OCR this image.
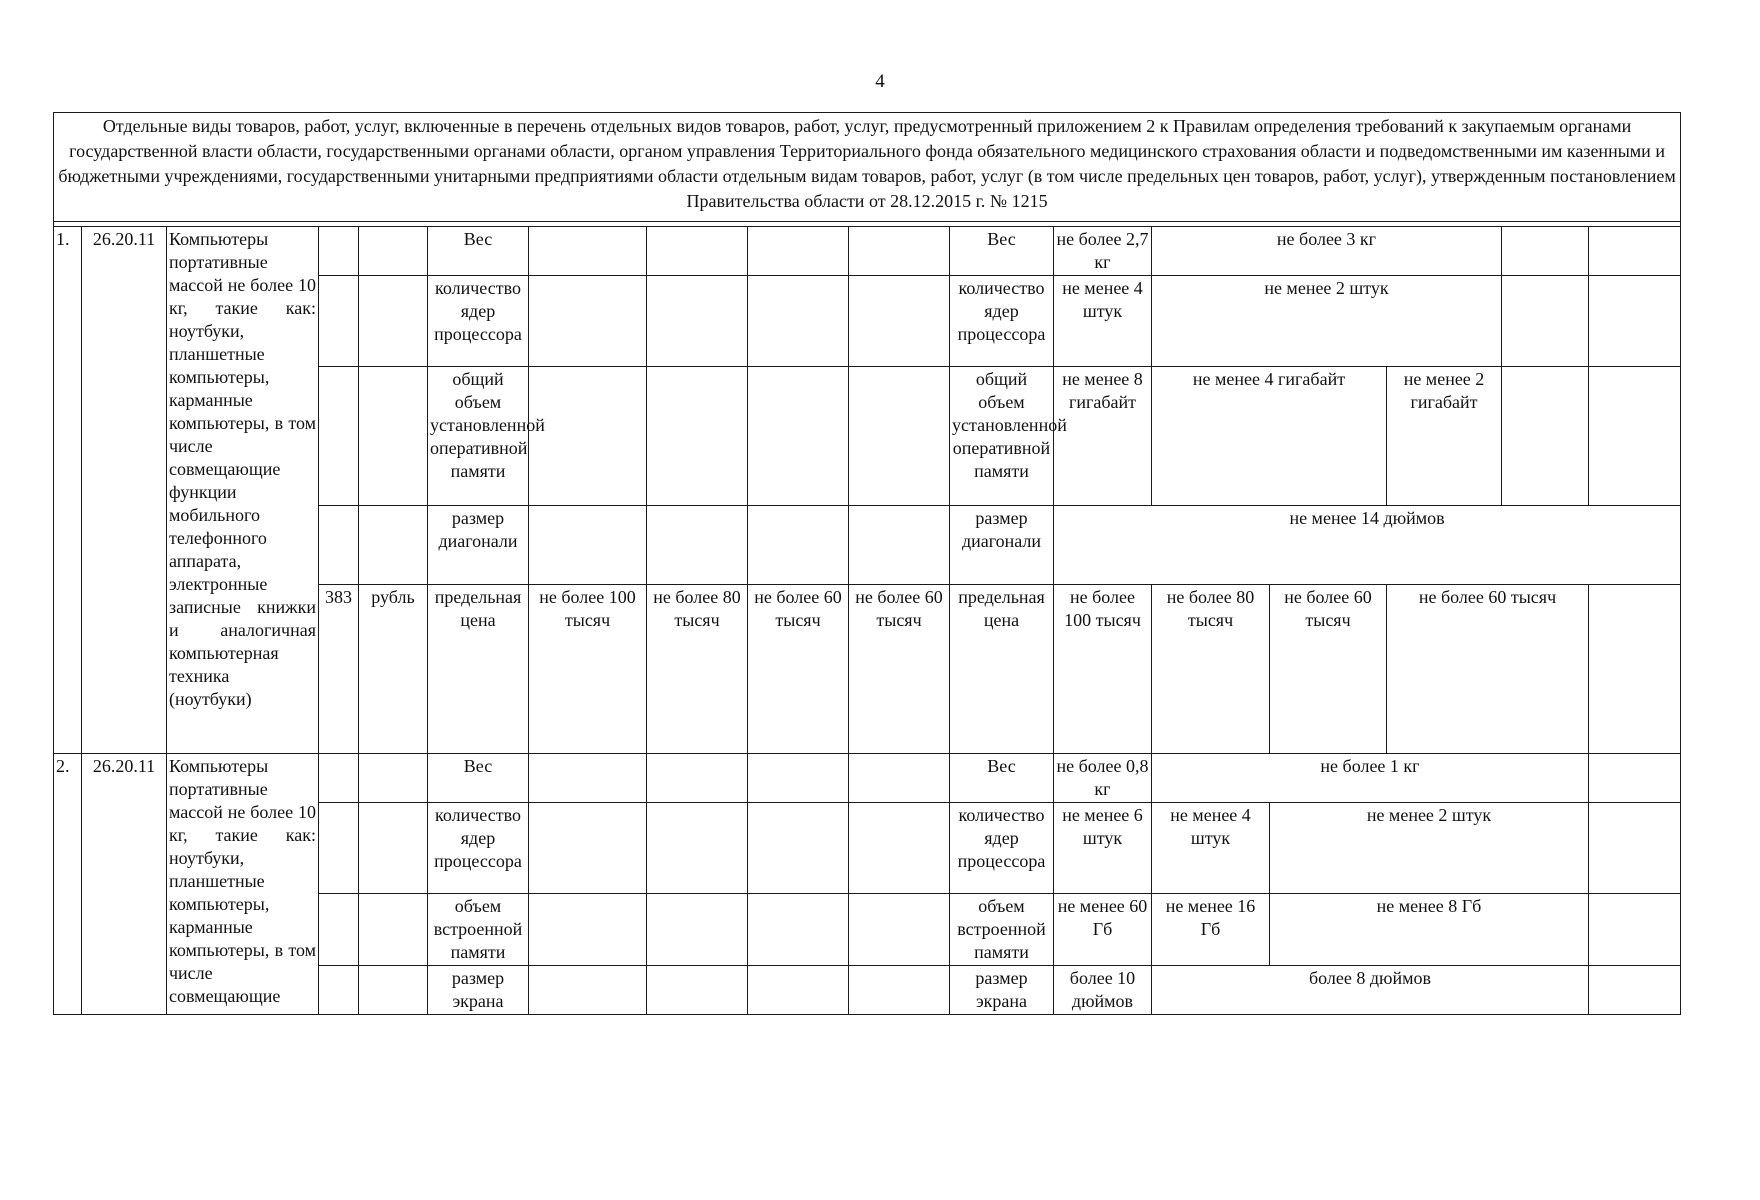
4
Отдельные виды товаров, работ, услуг, включенные в перечень отдельных видов товаров, работ, услуг, предусмотренный приложением 2 к Правилам определения требований к закупаемым органами государственной власти области, государственными органами области, органом управления Территориального фонда обязательного медицинского страхования области и подведомственными им казенными и бюджетными учреждениями, государственными унитарными предприятиями области отдельным видам товаров, работ, услуг (в том числе предельных цен товаров, работ, услуг), утвержденным постановлением Правительства области от 28.12.2015 г. № 1215																	

1.	26.20.11	Компьютеры портативные массой не более 10 кг, такие как: ноутбуки, планшетные компьютеры, карманные компьютеры, в том числе совмещающие функции мобильного телефонного аппарата, электронные записные книжки и аналогичная компьютерная техника (ноутбуки)			Вес					Вес	не более 2,7 кг	не более 3 кг					
					количество ядер процессора					количество ядер процессора	не менее 4 штук	не менее 2 штук					
					общий объем установленной оперативной памяти					общий объем установленной оперативной памяти	не менее 8 гигабайт	не менее 4 гигабайт		не менее 2 гигабайт			
					размер диагонали					размер диагонали	не менее 14 дюймов						
			383	рубль	предельная цена	не более 100 тысяч	не более 80 тысяч	не более 60 тысяч	не более 60 тысяч	предельная цена	не более 100 тысяч	не более 80 тысяч	не более 60 тысяч	не более 60 тысяч			
2.	26.20.11	Компьютеры портативные массой не более 10 кг, такие как: ноутбуки, планшетные компьютеры, карманные компьютеры, в том числе совмещающие			Вес					Вес	не более 0,8 кг	не более 1 кг					
					количество ядер процессора					количество ядер процессора	не менее 6 штук	не менее 4 штук	не менее 2 штук				
					объем встроенной памяти					объем встроенной памяти	не менее 60 Гб	не менее 16 Гб	не менее 8 Гб				
					размер экрана					размер экрана	более 10 дюймов	более 8 дюймов					
